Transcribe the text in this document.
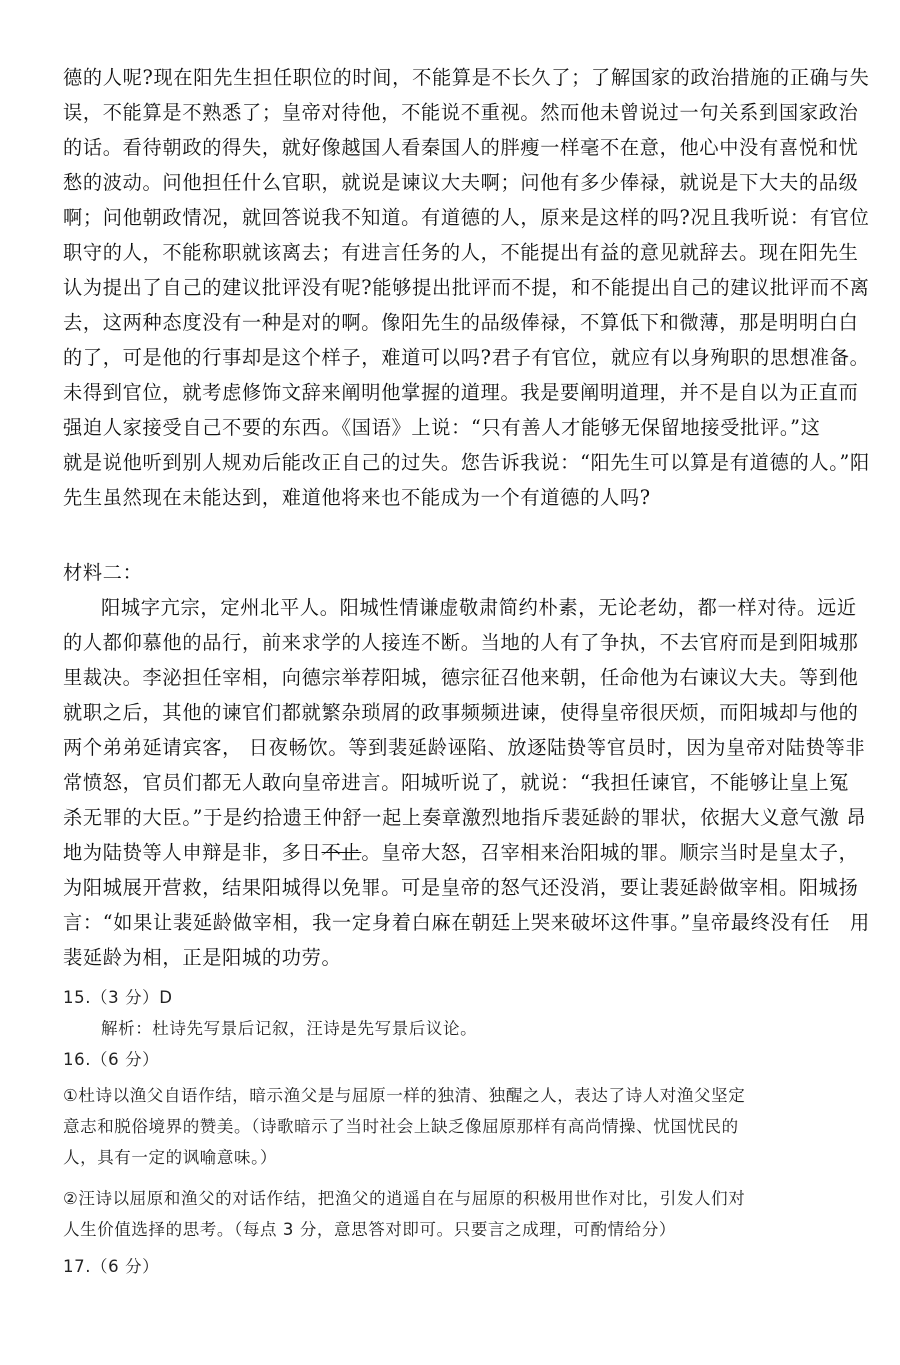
德的人呢?现在阳先生担任职位的时间，不能算是不长久了；了解国家的政治措施的正确与失
误，不能算是不熟悉了；皇帝对待他，不能说不重视。然而他未曾说过一句关系到国家政治
的话。看待朝政的得失，就好像越国人看秦国人的胖瘦一样毫不在意，他心中没有喜悦和忧
愁的波动。问他担任什么官职，就说是谏议大夫啊；问他有多少俸禄，就说是下大夫的品级
啊；问他朝政情况，就回答说我不知道。有道德的人，原来是这样的吗?况且我听说：有官位
职守的人，不能称职就该离去；有进言任务的人，不能提出有益的意见就辞去。现在阳先生
认为提出了自己的建议批评没有呢?能够提出批评而不提，和不能提出自己的建议批评而不离
去，这两种态度没有一种是对的啊。像阳先生的品级俸禄，不算低下和微薄，那是明明白白
的了，可是他的行事却是这个样子，难道可以吗?君子有官位，就应有以身殉职的思想准备。
未得到官位，就考虑修饰文辞来阐明他掌握的道理。我是要阐明道理，并不是自以为正直而
强迫人家接受自己不要的东西。《国语》上说：“只有善人才能够无保留地接受批评。”这
就是说他听到别人规劝后能改正自己的过失。您告诉我说：“阳先生可以算是有道德的人。”阳
先生虽然现在未能达到，难道他将来也不能成为一个有道德的人吗?
材料二：
阳城字亢宗，定州北平人。阳城性情谦虚敬肃简约朴素，无论老幼，都一样对待。远近
的人都仰慕他的品行，前来求学的人接连不断。当地的人有了争执，不去官府而是到阳城那
里裁决。李泌担任宰相，向德宗举荐阳城，德宗征召他来朝，任命他为右谏议大夫。等到他
就职之后，其他的谏官们都就繁杂琐屑的政事频频进谏，使得皇帝很厌烦，而阳城却与他的
两个弟弟延请宾客， 日夜畅饮。等到裴延龄诬陷、放逐陆贽等官员时，因为皇帝对陆贽等非
常愤怒，官员们都无人敢向皇帝进言。阳城听说了，就说：“我担任谏官，不能够让皇上冤
杀无罪的大臣。”于是约拾遗王仲舒一起上奏章激烈地指斥裴延龄的罪状，依据大义意气激 昂
地为陆贽等人申辩是非，多日不止。皇帝大怒，召宰相来治阳城的罪。顺宗当时是皇太子，
为阳城展开营救，结果阳城得以免罪。可是皇帝的怒气还没消，要让裴延龄做宰相。阳城扬
言：“如果让裴延龄做宰相，我一定身着白麻在朝廷上哭来破坏这件事。”皇帝最终没有任　用
裴延龄为相，正是阳城的功劳。
15.（3 分）D
解析：杜诗先写景后记叙，汪诗是先写景后议论。
16.（6 分）
①杜诗以渔父自语作结，暗示渔父是与屈原一样的独清、独醒之人，表达了诗人对渔父坚定
意志和脱俗境界的赞美。（诗歌暗示了当时社会上缺乏像屈原那样有高尚情操、忧国忧民的
人，具有一定的讽喻意味。）
②汪诗以屈原和渔父的对话作结，把渔父的逍遥自在与屈原的积极用世作对比，引发人们对
人生价值选择的思考。（每点 3 分，意思答对即可。只要言之成理，可酌情给分）
17.（6 分）
